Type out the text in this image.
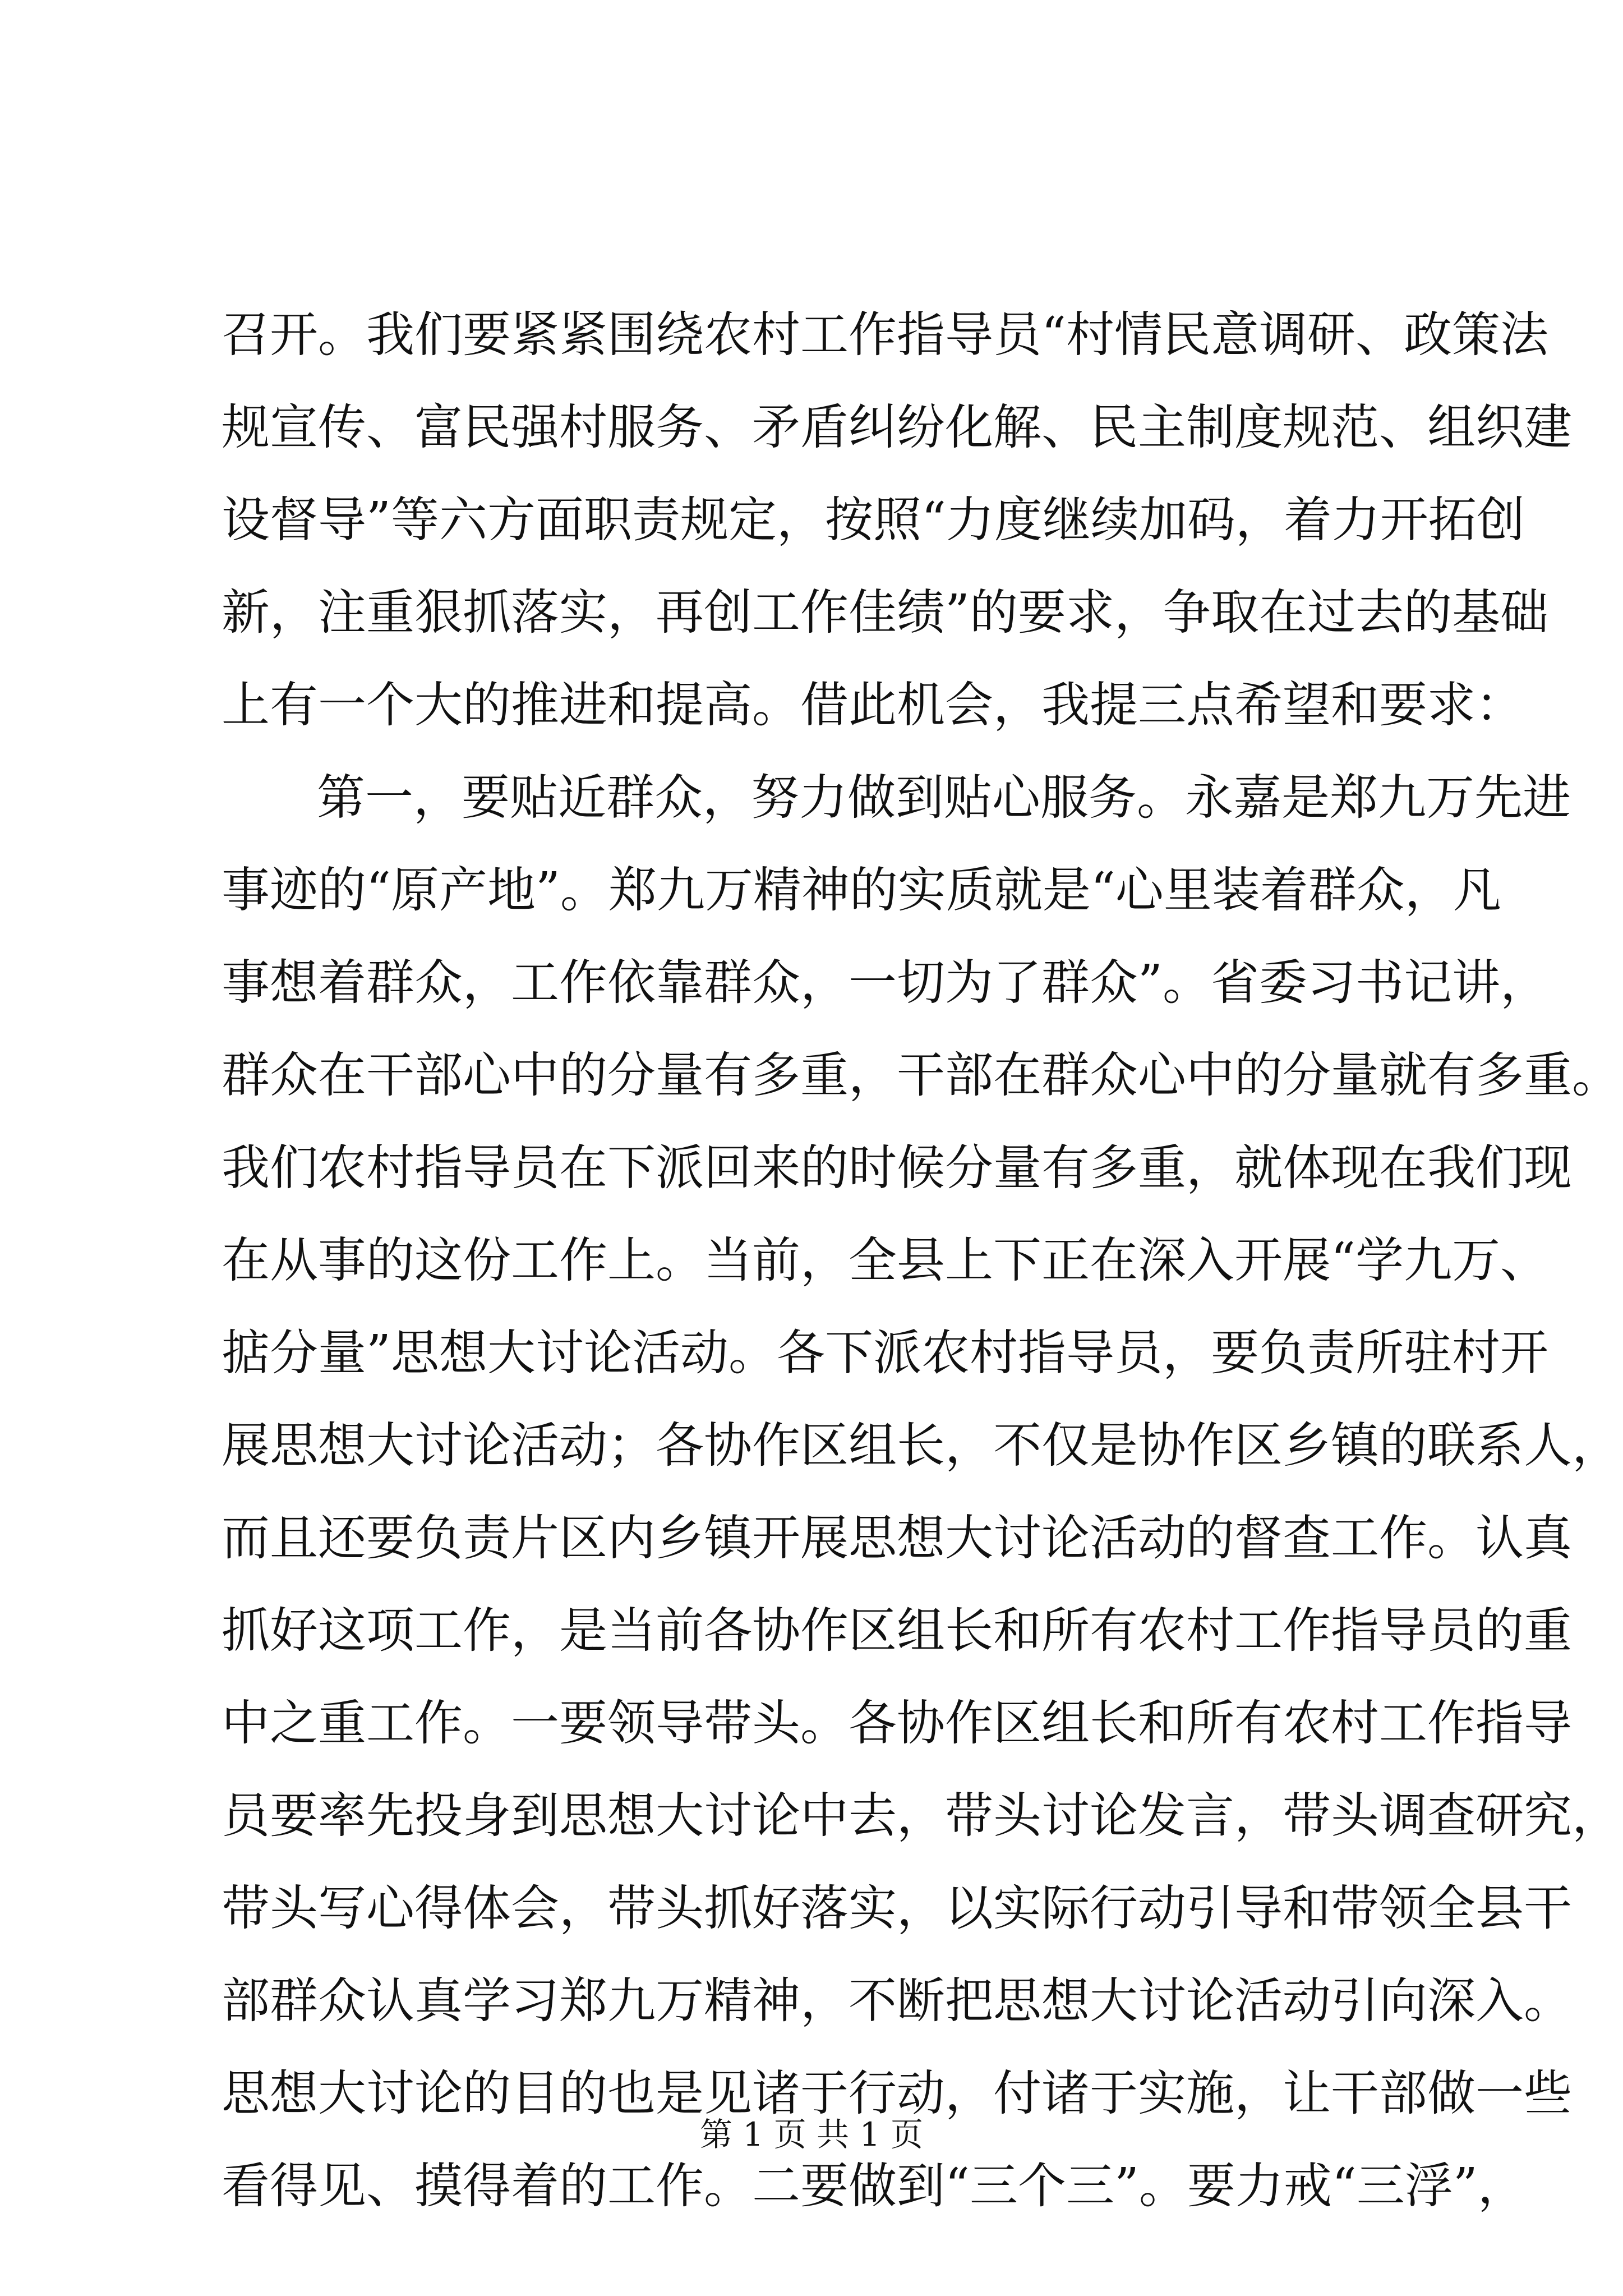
召开。我们要紧紧围绕农村工作指导员“村情民意调研、政策法
规宣传、富民强村服务、矛盾纠纷化解、民主制度规范、组织建
设督导”等六方面职责规定，按照“力度继续加码，着力开拓创
新，注重狠抓落实，再创工作佳绩”的要求，争取在过去的基础
上有一个大的推进和提高。借此机会，我提三点希望和要求：
第一，要贴近群众，努力做到贴心服务。永嘉是郑九万先进
事迹的“原产地”。郑九万精神的实质就是“心里装着群众，凡
事想着群众，工作依靠群众，一切为了群众”。省委习书记讲，
群众在干部心中的分量有多重，干部在群众心中的分量就有多重。
我们农村指导员在下派回来的时候分量有多重，就体现在我们现
在从事的这份工作上。当前，全县上下正在深入开展“学九万、
掂分量”思想大讨论活动。各下派农村指导员，要负责所驻村开
展思想大讨论活动；各协作区组长，不仅是协作区乡镇的联系人，
而且还要负责片区内乡镇开展思想大讨论活动的督查工作。认真
抓好这项工作，是当前各协作区组长和所有农村工作指导员的重
中之重工作。一要领导带头。各协作区组长和所有农村工作指导
员要率先投身到思想大讨论中去，带头讨论发言，带头调查研究，
带头写心得体会，带头抓好落实，以实际行动引导和带领全县干
部群众认真学习郑九万精神，不断把思想大讨论活动引向深入。
思想大讨论的目的也是见诸于行动，付诸于实施，让干部做一些
看得见、摸得着的工作。二要做到“三个三”。要力戒“三浮”，
第 1 页 共 1 页
